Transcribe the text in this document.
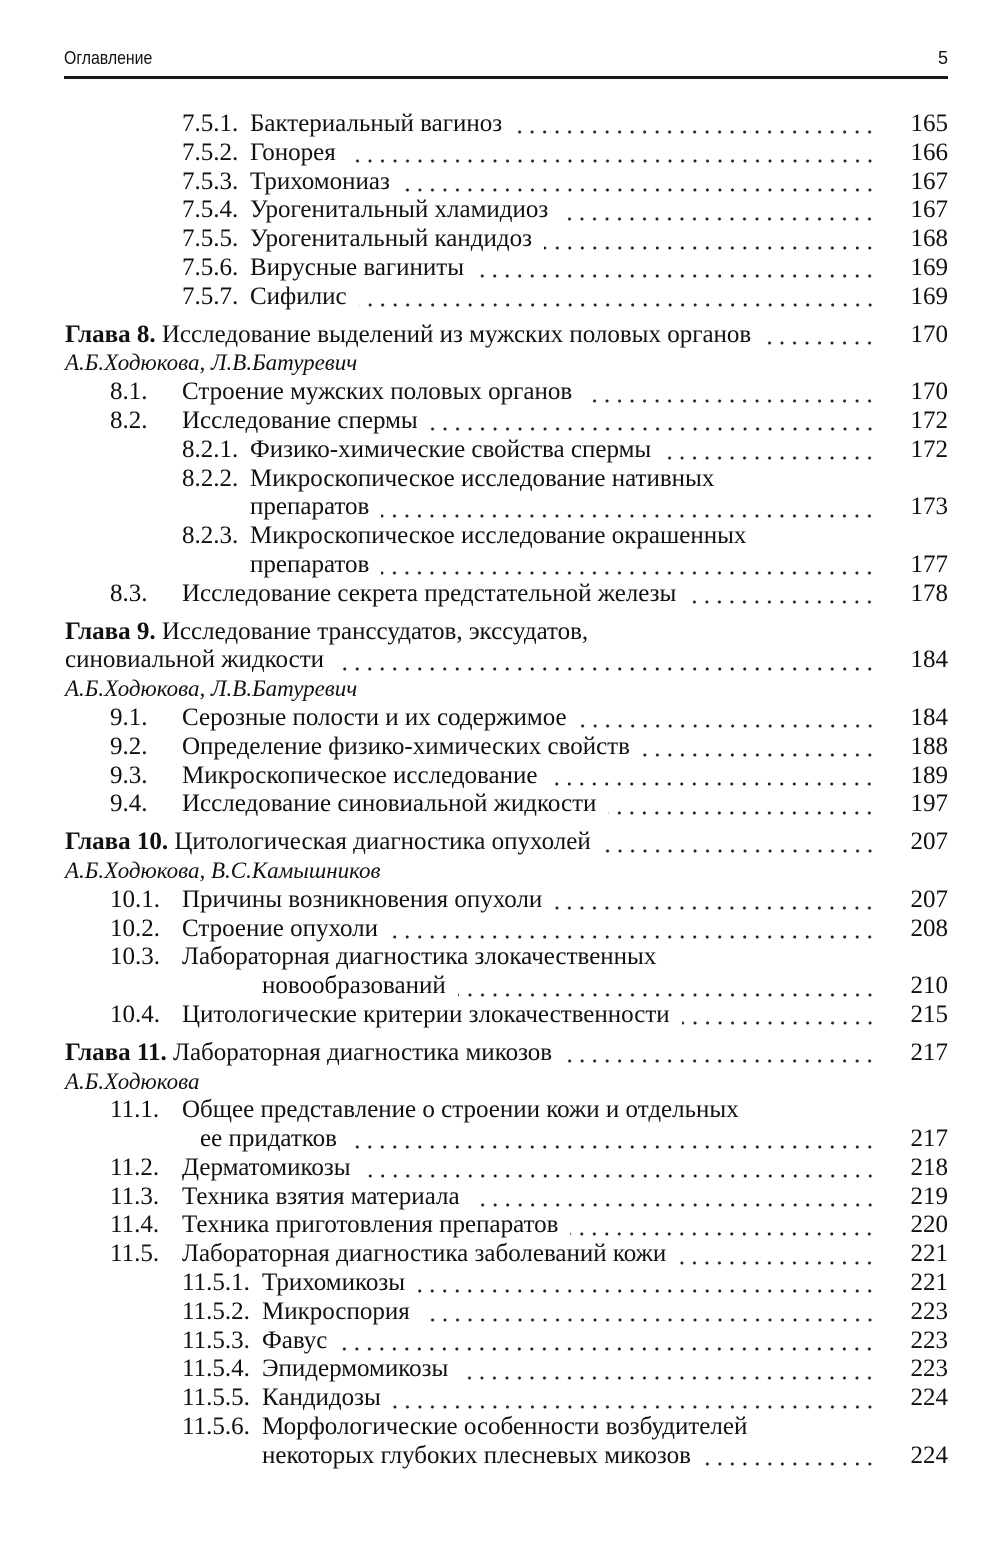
Оглавление	5
7.5.1. Бактериальный вагиноз	165
7.5.2. Гонорея	166
7.5.3. Трихомониаз	167
7.5.4. Урогенитальный хламидиоз	167
7.5.5. Урогенитальный кандидоз	168
7.5.6. Вирусные вагиниты	169
7.5.7. Сифилис	169
Глава 8. Исследование выделений из мужских половых органов	170
А.Б.Ходюкова, Л.В.Батуревич
8.1. Строение мужских половых органов	170
8.2. Исследование спермы	172
8.2.1. Физико-химические свойства спермы	172
8.2.2. Микроскопическое исследование нативных
препаратов	173
8.2.3. Микроскопическое исследование окрашенных
препаратов	177
8.3. Исследование секрета предстательной железы	178
Глава 9. Исследование транссудатов, экссудатов,
синовиальной жидкости	184
А.Б.Ходюкова, Л.В.Батуревич
9.1. Серозные полости и их содержимое	184
9.2. Определение физико-химических свойств	188
9.3. Микроскопическое исследование	189
9.4. Исследование синовиальной жидкости	197
Глава 10. Цитологическая диагностика опухолей	207
А.Б.Ходюкова, В.С.Камышников
10.1. Причины возникновения опухоли	207
10.2. Строение опухоли	208
10.3. Лабораторная диагностика злокачественных
новообразований	210
10.4. Цитологические критерии злокачественности	215
Глава 11. Лабораторная диагностика микозов	217
А.Б.Ходюкова
11.1. Общее представление о строении кожи и отдельных
ее придатков	217
11.2. Дерматомикозы	218
11.3. Техника взятия материала	219
11.4. Техника приготовления препаратов	220
11.5. Лабораторная диагностика заболеваний кожи	221
11.5.1. Трихомикозы	221
11.5.2. Микроспория	223
11.5.3. Фавус	223
11.5.4. Эпидермомикозы	223
11.5.5. Кандидозы	224
11.5.6. Морфологические особенности возбудителей
некоторых глубоких плесневых микозов	224
